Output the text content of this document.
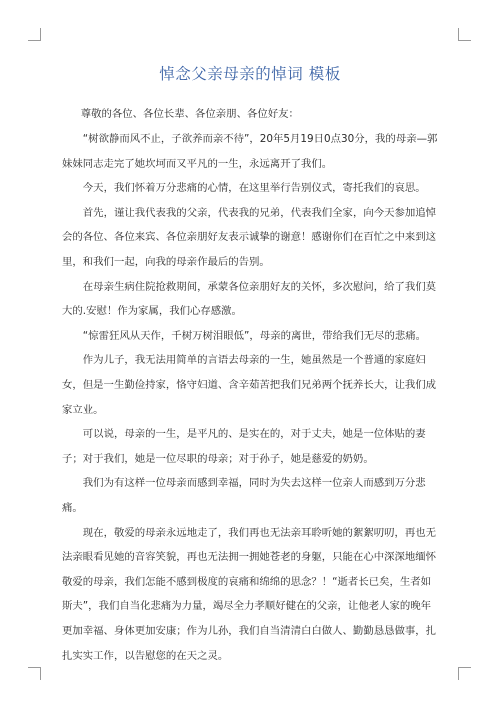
悼念父亲母亲的悼词 模板

尊敬的各位、各位长辈、各位亲朋、各位好友：

“树欲静而风不止，子欲养而亲不待”，20年5月19日0点30分，我的母亲—郭妹妹同志走完了她坎坷而又平凡的一生，永远离开了我们。

今天，我们怀着万分悲痛的心情，在这里举行告别仪式，寄托我们的哀思。

首先，谨让我代表我的父亲，代表我的兄弟，代表我们全家，向今天参加追悼会的各位、各位来宾、各位亲朋好友表示诚挚的谢意！感谢你们在百忙之中来到这里，和我们一起，向我的母亲作最后的告别。

在母亲生病住院抢救期间，承蒙各位亲朋好友的关怀，多次慰问，给了我们莫大的.安慰！作为家属，我们心存感激。

“惊雷狂风从天作，千树万树泪眼低”，母亲的离世，带给我们无尽的悲痛。

作为儿子，我无法用简单的言语去母亲的一生，她虽然是一个普通的家庭妇女，但是一生勤俭持家，恪守妇道、含辛茹苦把我们兄弟两个抚养长大，让我们成家立业。

可以说，母亲的一生，是平凡的、是实在的，对于丈夫，她是一位体贴的妻子；对于我们，她是一位尽职的母亲；对于孙子，她是慈爱的奶奶。

我们为有这样一位母亲而感到幸福，同时为失去这样一位亲人而感到万分悲痛。

现在，敬爱的母亲永远地走了，我们再也无法亲耳聆听她的絮絮叨叨，再也无法亲眼看见她的音容笑貌，再也无法拥一拥她苍老的身躯，只能在心中深深地缅怀敬爱的母亲，我们怎能不感到极度的哀痛和绵绵的思念？！“逝者长已矣，生者如斯夫”，我们自当化悲痛为力量，竭尽全力孝顺好健在的父亲，让他老人家的晚年更加幸福、身体更加安康；作为儿孙，我们自当清清白白做人、勤勤恳恳做事，扎扎实实工作，以告慰您的在天之灵。
